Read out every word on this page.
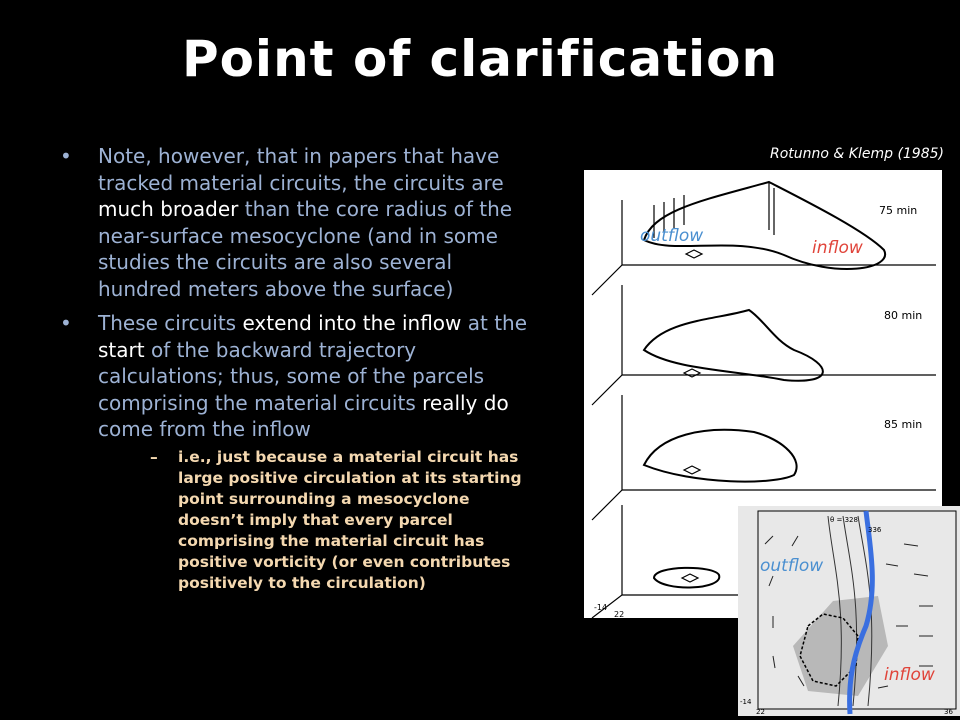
Point of clarification
• Note, however, that in papers that have tracked material circuits, the circuits are much broader than the core radius of the near-surface mesocyclone (and in some studies the circuits are also several hundred meters above the surface)
• These circuits extend into the inflow at the start of the backward trajectory calculations; thus, some of the parcels comprising the material circuits really do come from the inflow
– i.e., just because a material circuit has large positive circulation at its starting point surrounding a mesocyclone doesn’t imply that every parcel comprising the material circuit has positive vorticity (or even contributes positively to the circulation)
Rotunno & Klemp (1985)
75 min
80 min
85 min
-14
22
outflow
inflow
θ = 328
336
-14
22	36
outflow
inflow
